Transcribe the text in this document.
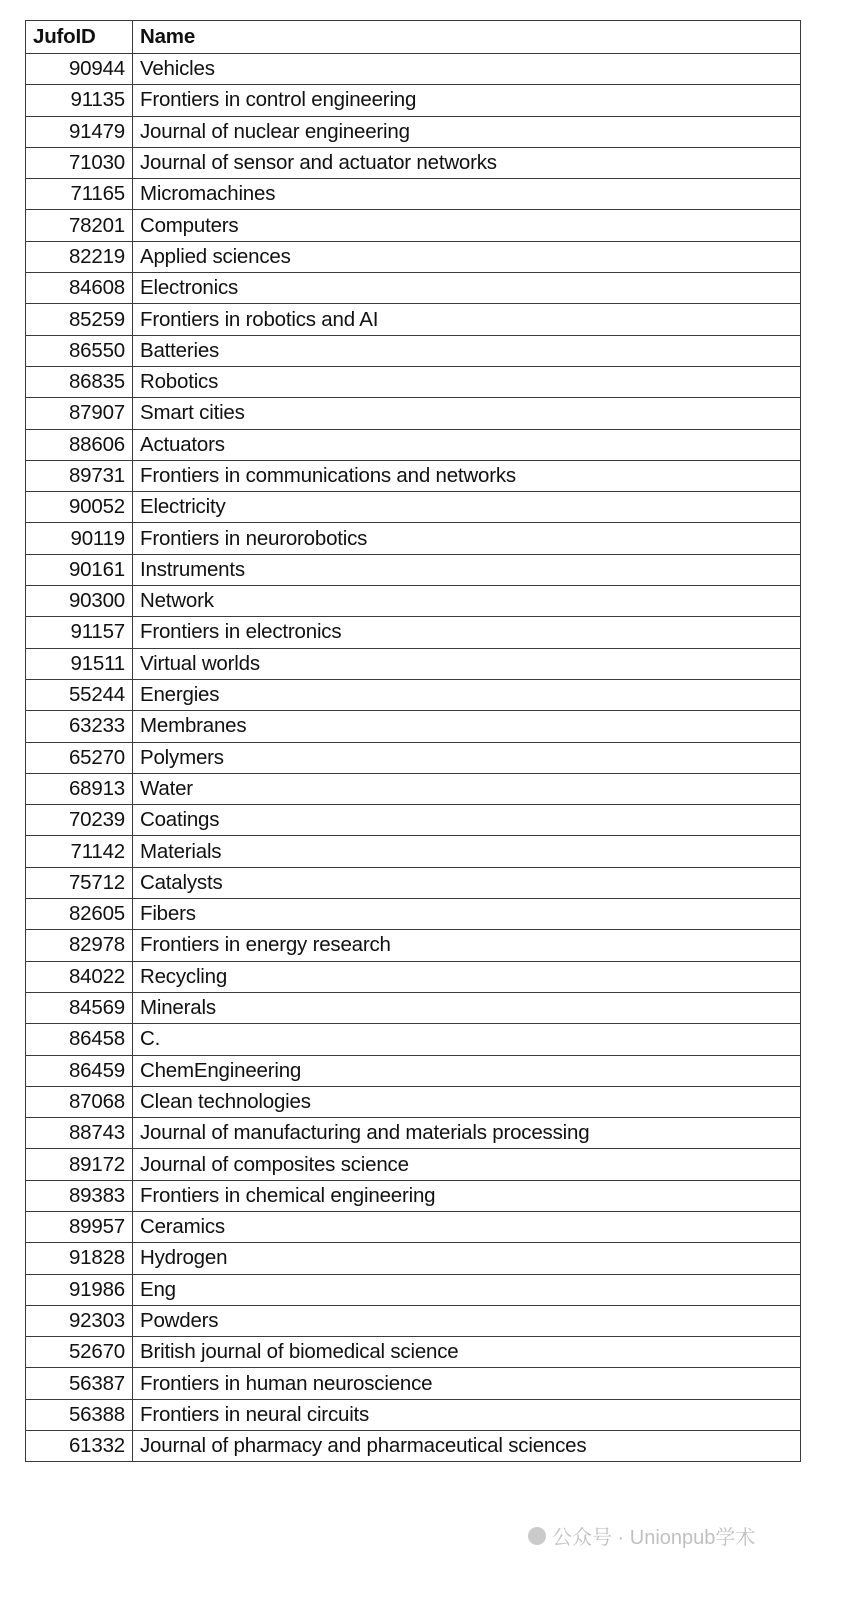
JufoID	Name
90944	Vehicles
91135	Frontiers in control engineering
91479	Journal of nuclear engineering
71030	Journal of sensor and actuator networks
71165	Micromachines
78201	Computers
82219	Applied sciences
84608	Electronics
85259	Frontiers in robotics and AI
86550	Batteries
86835	Robotics
87907	Smart cities
88606	Actuators
89731	Frontiers in communications and networks
90052	Electricity
90119	Frontiers in neurorobotics
90161	Instruments
90300	Network
91157	Frontiers in electronics
91511	Virtual worlds
55244	Energies
63233	Membranes
65270	Polymers
68913	Water
70239	Coatings
71142	Materials
75712	Catalysts
82605	Fibers
82978	Frontiers in energy research
84022	Recycling
84569	Minerals
86458	C.
86459	ChemEngineering
87068	Clean technologies
88743	Journal of manufacturing and materials processing
89172	Journal of composites science
89383	Frontiers in chemical engineering
89957	Ceramics
91828	Hydrogen
91986	Eng
92303	Powders
52670	British journal of biomedical science
56387	Frontiers in human neuroscience
56388	Frontiers in neural circuits
61332	Journal of pharmacy and pharmaceutical sciences
公众号 · Unionpub学术
